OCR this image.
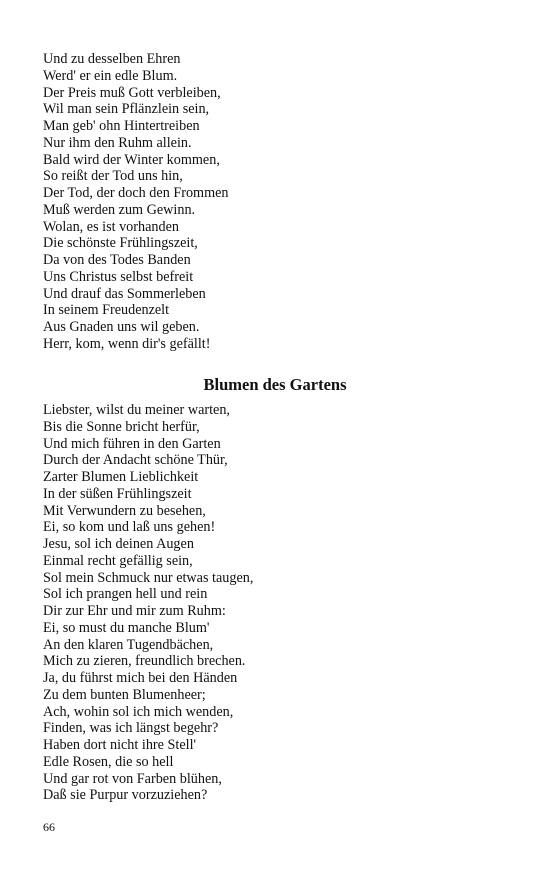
Und zu desselben Ehren
Werd' er ein edle Blum.
Der Preis muß Gott verbleiben,
Wil man sein Pflänzlein sein,
Man geb' ohn Hintertreiben
Nur ihm den Ruhm allein.
Bald wird der Winter kommen,
So reißt der Tod uns hin,
Der Tod, der doch den Frommen
Muß werden zum Gewinn.
Wolan, es ist vorhanden
Die schönste Frühlingszeit,
Da von des Todes Banden
Uns Christus selbst befreit
Und drauf das Sommerleben
In seinem Freudenzelt
Aus Gnaden uns wil geben.
Herr, kom, wenn dir's gefällt!
Blumen des Gartens
Liebster, wilst du meiner warten,
Bis die Sonne bricht herfür,
Und mich führen in den Garten
Durch der Andacht schöne Thür,
Zarter Blumen Lieblichkeit
In der süßen Frühlingszeit
Mit Verwundern zu besehen,
Ei, so kom und laß uns gehen!
Jesu, sol ich deinen Augen
Einmal recht gefällig sein,
Sol mein Schmuck nur etwas taugen,
Sol ich prangen hell und rein
Dir zur Ehr und mir zum Ruhm:
Ei, so must du manche Blum'
An den klaren Tugendbächen,
Mich zu zieren, freundlich brechen.
Ja, du führst mich bei den Händen
Zu dem bunten Blumenheer;
Ach, wohin sol ich mich wenden,
Finden, was ich längst begehr?
Haben dort nicht ihre Stell'
Edle Rosen, die so hell
Und gar rot von Farben blühen,
Daß sie Purpur vorzuziehen?
66
